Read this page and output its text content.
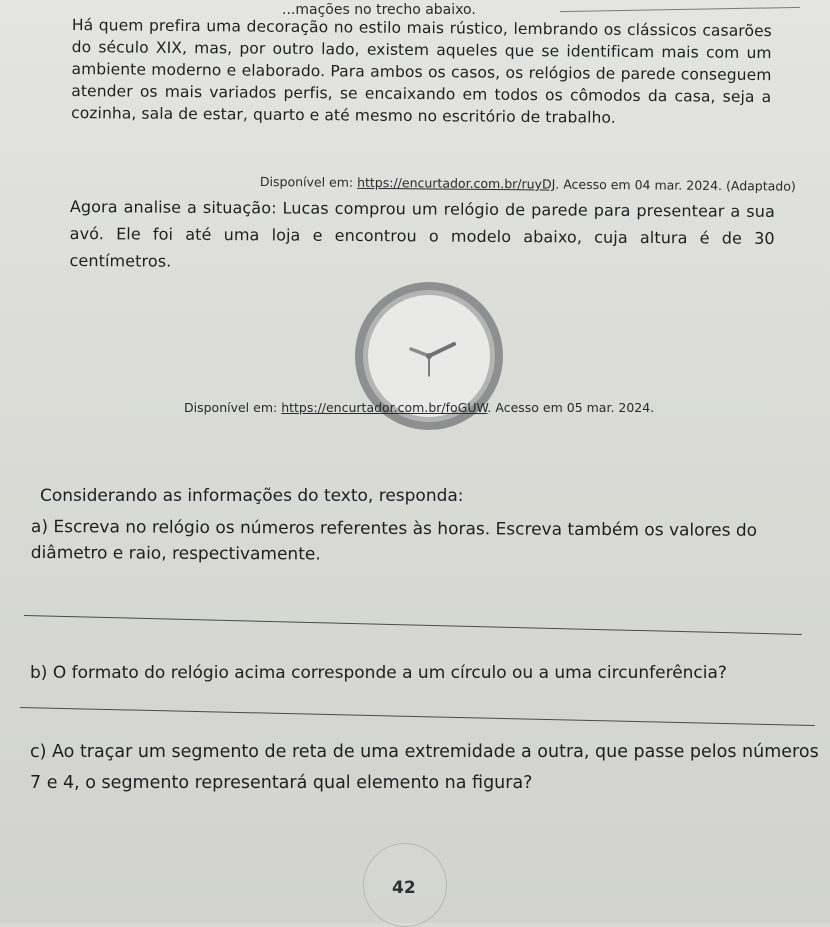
...mações no trecho abaixo.
Há quem prefira uma decoração no estilo mais rústico, lembrando os clássicos casarões do século XIX, mas, por outro lado, existem aqueles que se identificam mais com um ambiente moderno e elaborado. Para ambos os casos, os relógios de parede conseguem atender os mais variados perfis, se encaixando em todos os cômodos da casa, seja a cozinha, sala de estar, quarto e até mesmo no escritório de trabalho.
Disponível em: https://encurtador.com.br/ruyDJ. Acesso em 04 mar. 2024. (Adaptado)
Agora analise a situação: Lucas comprou um relógio de parede para presentear a sua avó. Ele foi até uma loja e encontrou o modelo abaixo, cuja altura é de 30 centímetros.
Disponível em: https://encurtador.com.br/foGUW. Acesso em 05 mar. 2024.
Considerando as informações do texto, responda:
a) Escreva no relógio os números referentes às horas. Escreva também os valores do diâmetro e raio, respectivamente.
b) O formato do relógio acima corresponde a um círculo ou a uma circunferência?
c) Ao traçar um segmento de reta de uma extremidade a outra, que passe pelos números 7 e 4, o segmento representará qual elemento na figura?
42
